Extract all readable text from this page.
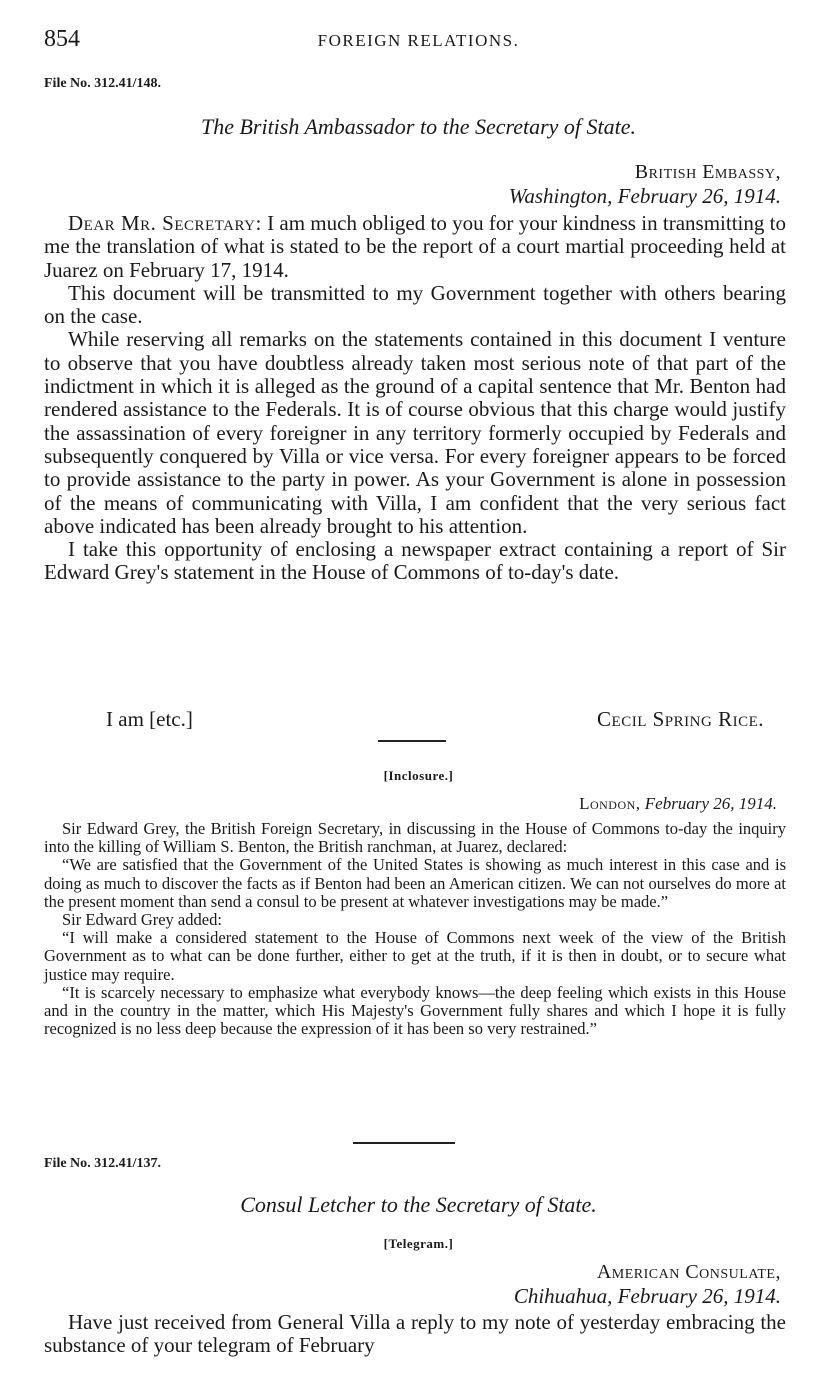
854	FOREIGN RELATIONS.
File No. 312.41/148.
The British Ambassador to the Secretary of State.
British Embassy,
Washington, February 26, 1914.

Dear Mr. Secretary: I am much obliged to you for your kindness in transmitting to me the translation of what is stated to be the report of a court martial proceeding held at Juarez on February 17, 1914.

This document will be transmitted to my Government together with others bearing on the case.

While reserving all remarks on the statements contained in this document I venture to observe that you have doubtless already taken most serious note of that part of the indictment in which it is alleged as the ground of a capital sentence that Mr. Benton had rendered assistance to the Federals. It is of course obvious that this charge would justify the assassination of every foreigner in any territory formerly occupied by Federals and subsequently conquered by Villa or vice versa. For every foreigner appears to be forced to provide assistance to the party in power. As your Government is alone in possession of the means of communicating with Villa, I am confident that the very serious fact above indicated has been already brought to his attention.

I take this opportunity of enclosing a newspaper extract containing a report of Sir Edward Grey's statement in the House of Commons of to-day's date.

I am [etc.]	Cecil Spring Rice.
[Inclosure.]
London, February 26, 1914.

Sir Edward Grey, the British Foreign Secretary, in discussing in the House of Commons to-day the inquiry into the killing of William S. Benton, the British ranchman, at Juarez, declared:

“We are satisfied that the Government of the United States is showing as much interest in this case and is doing as much to discover the facts as if Benton had been an American citizen. We can not ourselves do more at the present moment than send a consul to be present at whatever investigations may be made.”

Sir Edward Grey added:

“I will make a considered statement to the House of Commons next week of the view of the British Government as to what can be done further, either to get at the truth, if it is then in doubt, or to secure what justice may require.

“It is scarcely necessary to emphasize what everybody knows—the deep feeling which exists in this House and in the country in the matter, which His Majesty's Government fully shares and which I hope it is fully recognized is no less deep because the expression of it has been so very restrained.”

File No. 312.41/137.
Consul Letcher to the Secretary of State.
[Telegram.]
American Consulate,
Chihuahua, February 26, 1914.

Have just received from General Villa a reply to my note of yesterday embracing the substance of your telegram of February
